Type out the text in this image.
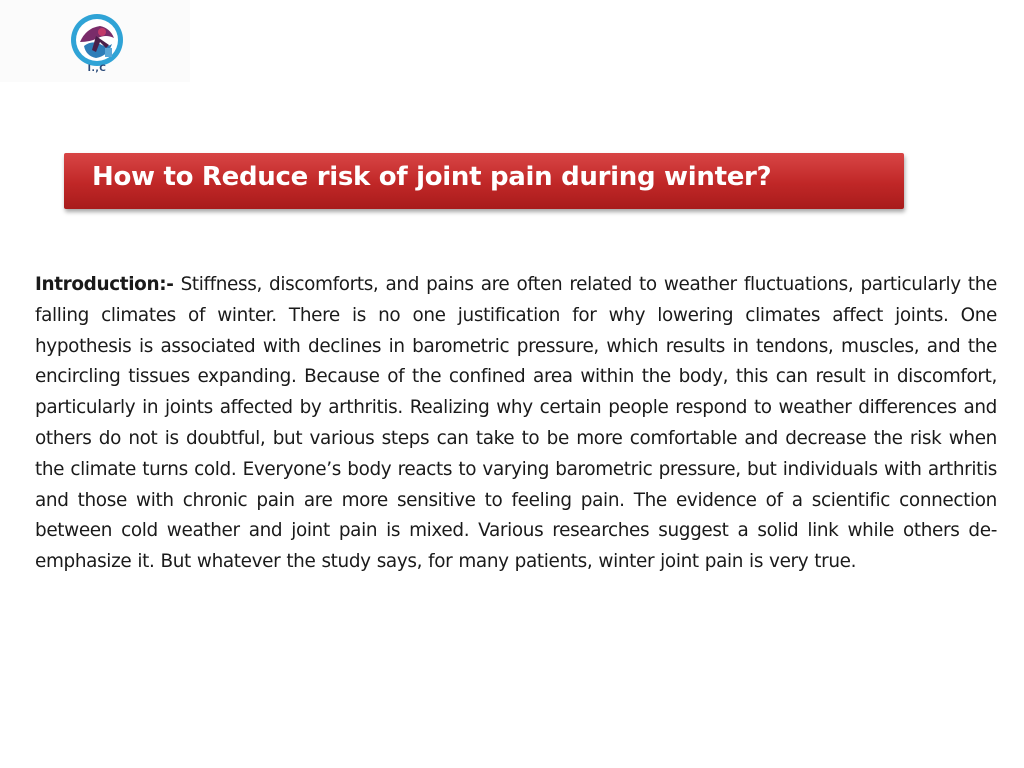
I.,C
How to Reduce risk of joint pain during winter?
Introduction:- Stiffness, discomforts, and pains are often related to weather fluctuations, particularly the falling climates of winter. There is no one justification for why lowering climates affect joints. One hypothesis is associated with declines in barometric pressure, which results in tendons, muscles, and the encircling tissues expanding. Because of the confined area within the body, this can result in discomfort, particularly in joints affected by arthritis. Realizing why certain people respond to weather differences and others do not is doubtful, but various steps can take to be more comfortable and decrease the risk when the climate turns cold. Everyone’s body reacts to varying barometric pressure, but individuals with arthritis and those with chronic pain are more sensitive to feeling pain. The evidence of a scientific connection between cold weather and joint pain is mixed. Various researches suggest a solid link while others de-emphasize it. But whatever the study says, for many patients, winter joint pain is very true.
